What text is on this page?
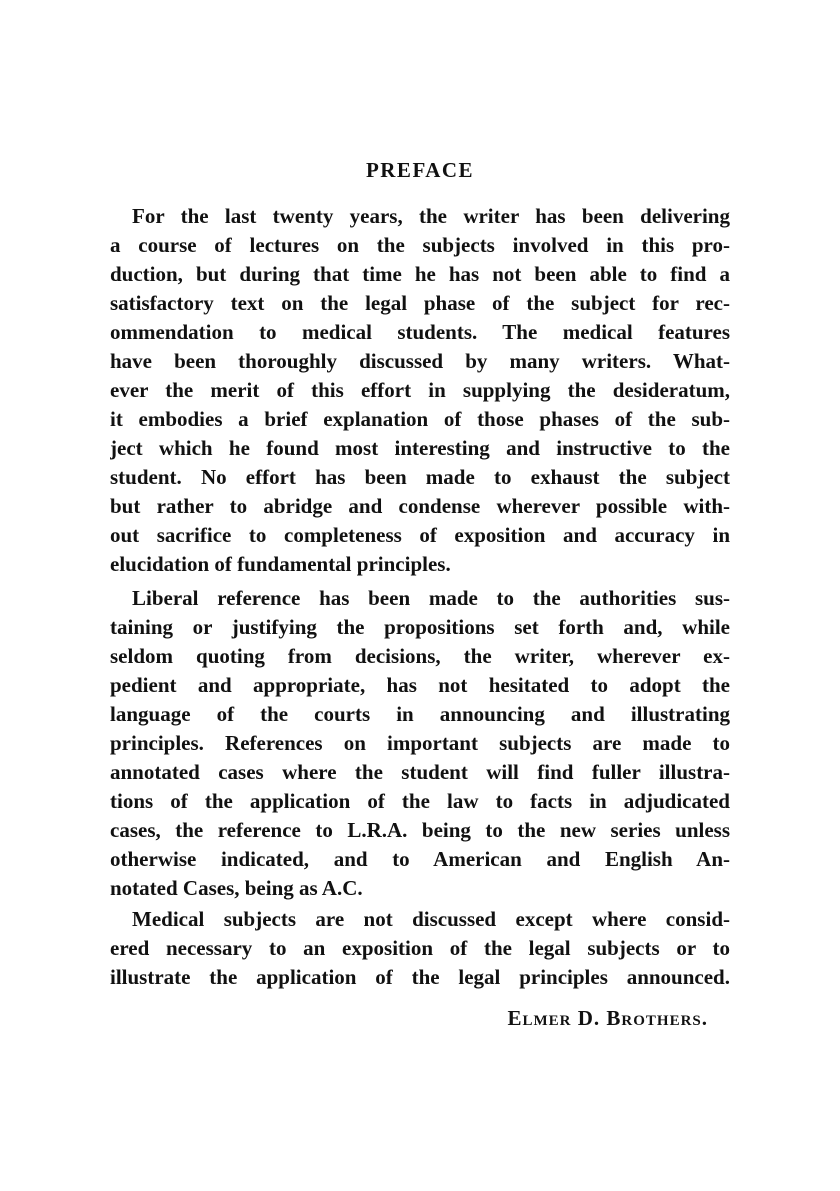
PREFACE
For the last twenty years, the writer has been delivering
a course of lectures on the subjects involved in this pro-
duction, but during that time he has not been able to find a
satisfactory text on the legal phase of the subject for rec-
ommendation to medical students. The medical features
have been thoroughly discussed by many writers. What-
ever the merit of this effort in supplying the desideratum,
it embodies a brief explanation of those phases of the sub-
ject which he found most interesting and instructive to the
student. No effort has been made to exhaust the subject
but rather to abridge and condense wherever possible with-
out sacrifice to completeness of exposition and accuracy in
elucidation of fundamental principles.
Liberal reference has been made to the authorities sus-
taining or justifying the propositions set forth and, while
seldom quoting from decisions, the writer, wherever ex-
pedient and appropriate, has not hesitated to adopt the
language of the courts in announcing and illustrating
principles. References on important subjects are made to
annotated cases where the student will find fuller illustra-
tions of the application of the law to facts in adjudicated
cases, the reference to L.R.A. being to the new series unless
otherwise indicated, and to American and English An-
notated Cases, being as A.C.
Medical subjects are not discussed except where consid-
ered necessary to an exposition of the legal subjects or to
illustrate the application of the legal principles announced.
Elmer D. Brothers.
